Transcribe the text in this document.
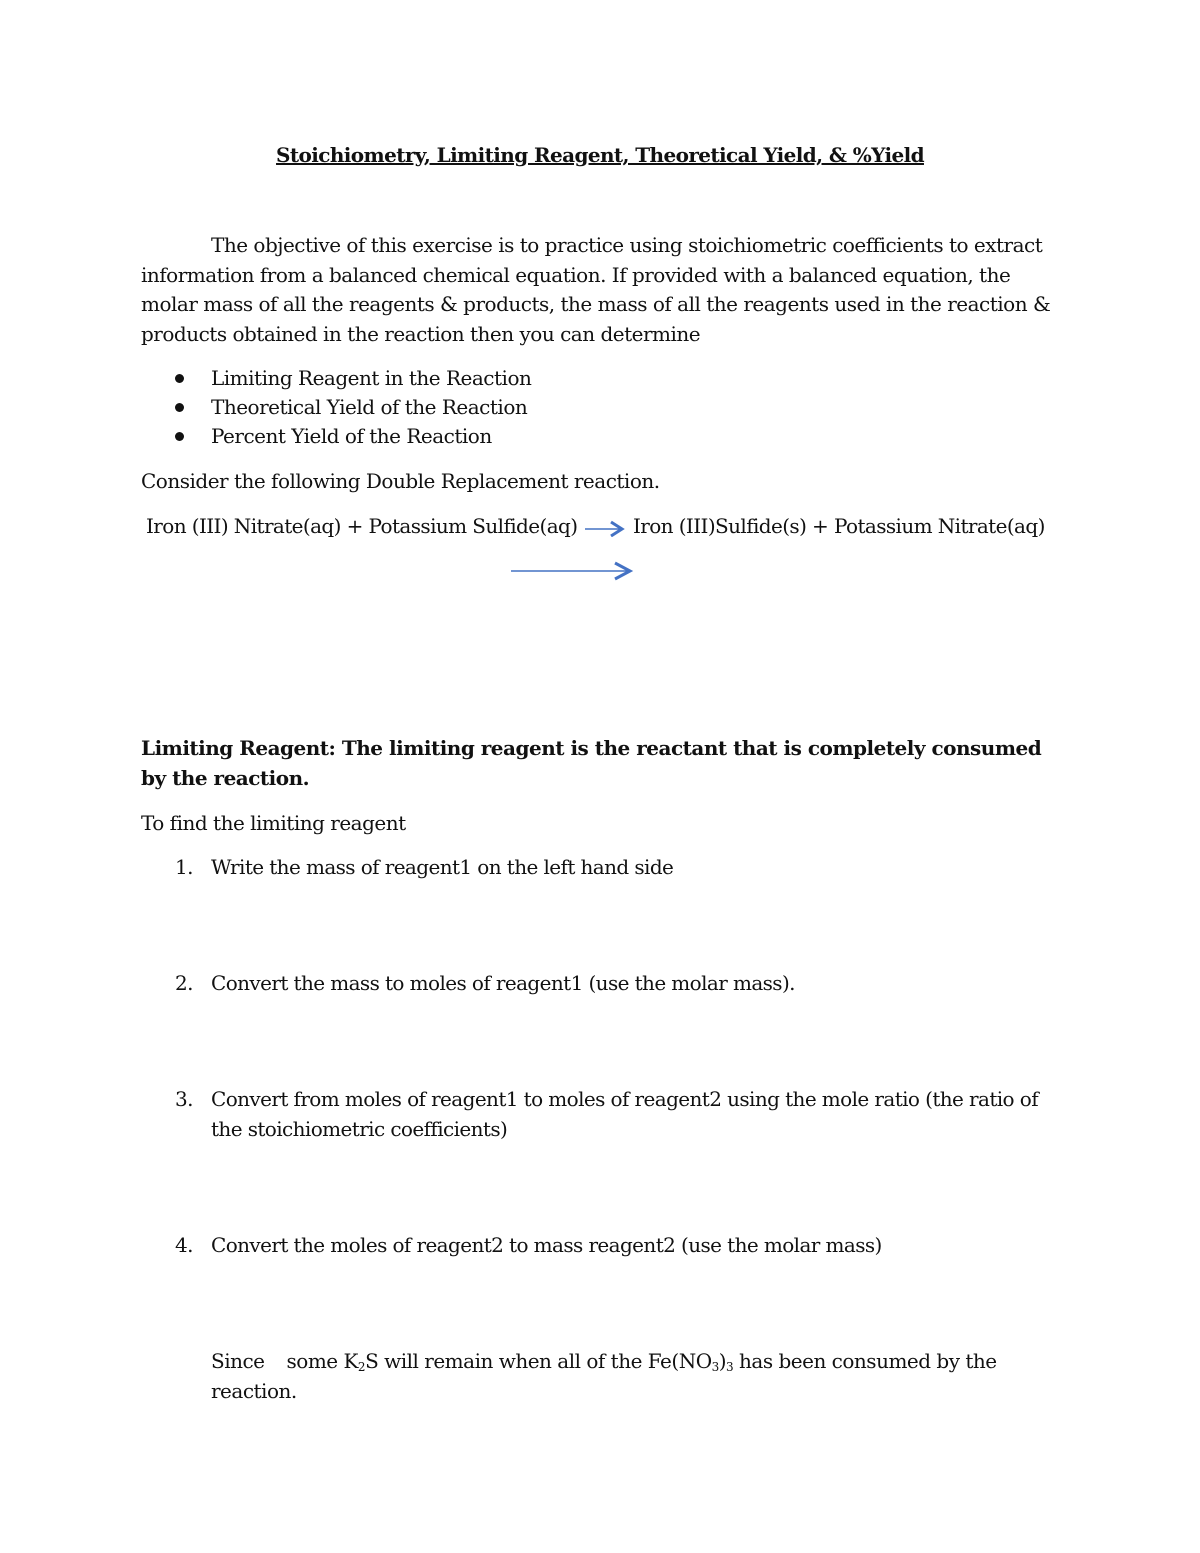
Stoichiometry, Limiting Reagent, Theoretical Yield, & %Yield
The objective of this exercise is to practice using stoichiometric coefficients to extract information from a balanced chemical equation. If provided with a balanced equation, the molar mass of all the reagents & products, the mass of all the reagents used in the reaction & products obtained in the reaction then you can determine
Limiting Reagent in the Reaction
Theoretical Yield of the Reaction
Percent Yield of the Reaction
Consider the following Double Replacement reaction.
Iron (III) Nitrate(aq) + Potassium Sulfide(aq) → Iron (III)Sulfide(s) + Potassium Nitrate(aq)
Limiting Reagent: The limiting reagent is the reactant that is completely consumed by the reaction.
To find the limiting reagent
1. Write the mass of reagent1 on the left hand side
2. Convert the mass to moles of reagent1 (use the molar mass).
3. Convert from moles of reagent1 to moles of reagent2 using the mole ratio (the ratio of the stoichiometric coefficients)
4. Convert the moles of reagent2 to mass reagent2 (use the molar mass)
Since some $K_2S$ will remain when all of the $Fe(NO_3)_3$ has been consumed by the reaction.
